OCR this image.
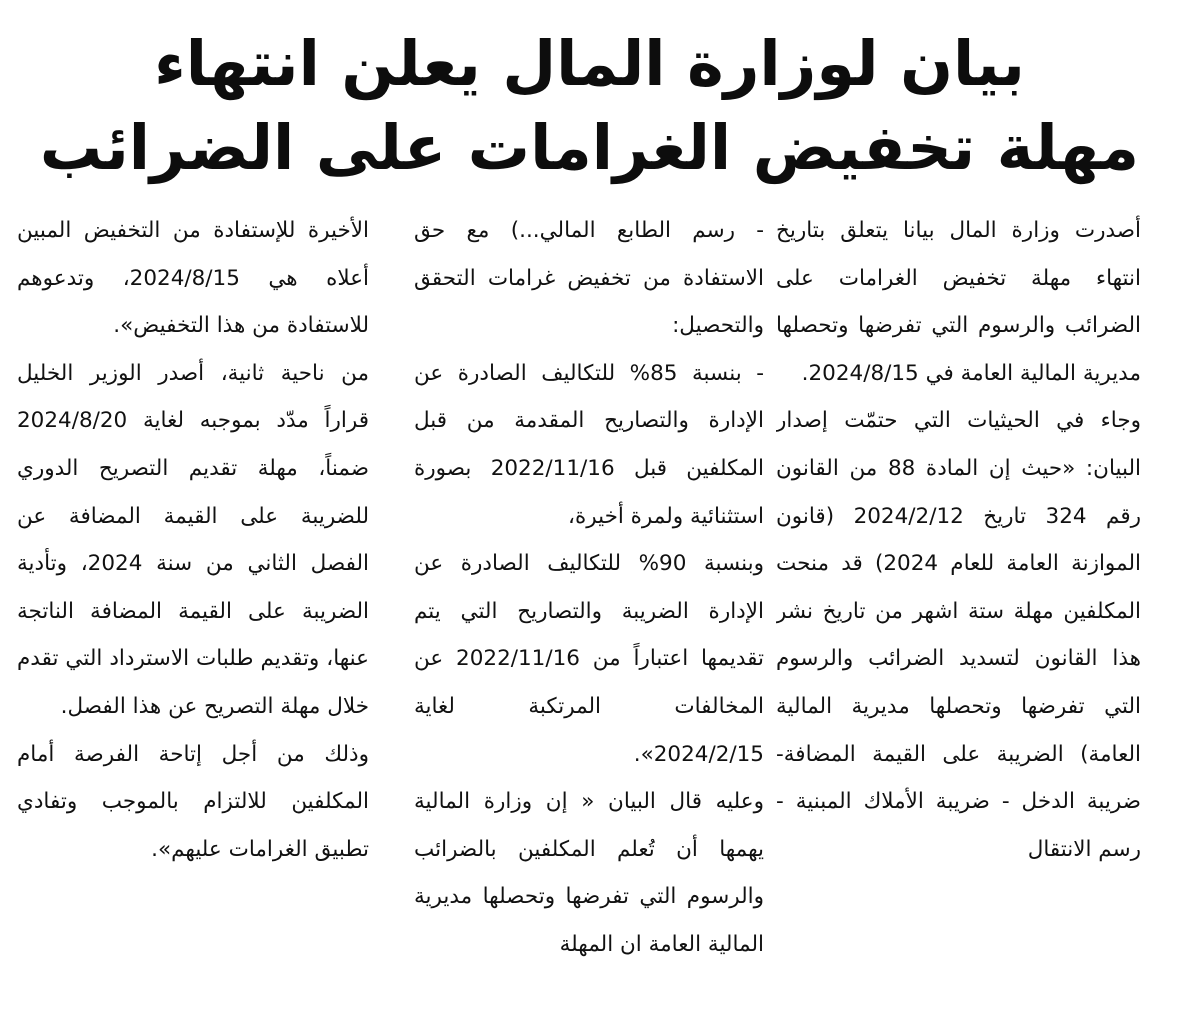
بيان لوزارة المال يعلن انتهاء
مهلة تخفيض الغرامات على الضرائب

أصدرت وزارة المال بيانا يتعلق بتاريخ انتهاء مهلة تخفيض الغرامات على الضرائب والرسوم التي تفرضها وتحصلها مديرية المالية العامة في 2024/8/15.

وجاء في الحيثيات التي حتمّت إصدار البيان: «حيث إن المادة 88 من القانون رقم 324 تاريخ 2024/2/12 (قانون الموازنة العامة للعام 2024) قد منحت المكلفين مهلة ستة اشهر من تاريخ نشر هذا القانون لتسديد الضرائب والرسوم التي تفرضها وتحصلها مديرية المالية العامة) الضريبة على القيمة المضافة- ضريبة الدخل - ضريبة الأملاك المبنية - رسم الانتقال

- رسم الطابع المالي...) مع حق الاستفادة من تخفيض غرامات التحقق والتحصيل:

- بنسبة 85% للتكاليف الصادرة عن الإدارة والتصاريح المقدمة من قبل المكلفين قبل 2022/11/16 بصورة استثنائية ولمرة أخيرة،

وبنسبة 90% للتكاليف الصادرة عن الإدارة الضريبة والتصاريح التي يتم تقديمها اعتباراً من 2022/11/16 عن المخالفات المرتكبة لغاية 2024/2/15».

وعليه قال البيان « إن وزارة المالية يهمها أن تُعلم المكلفين بالضرائب والرسوم التي تفرضها وتحصلها مديرية المالية العامة ان المهلة

الأخيرة للإستفادة من التخفيض المبين أعلاه هي 2024/8/15، وتدعوهم للاستفادة من هذا التخفيض».

من ناحية ثانية، أصدر الوزير الخليل قراراً مدّد بموجبه لغاية 2024/8/20 ضمناً، مهلة تقديم التصريح الدوري للضريبة على القيمة المضافة عن الفصل الثاني من سنة 2024، وتأدية الضريبة على القيمة المضافة الناتجة عنها، وتقديم طلبات الاسترداد التي تقدم خلال مهلة التصريح عن هذا الفصل.

وذلك من أجل إتاحة الفرصة أمام المكلفين للالتزام بالموجب وتفادي تطبيق الغرامات عليهم».
